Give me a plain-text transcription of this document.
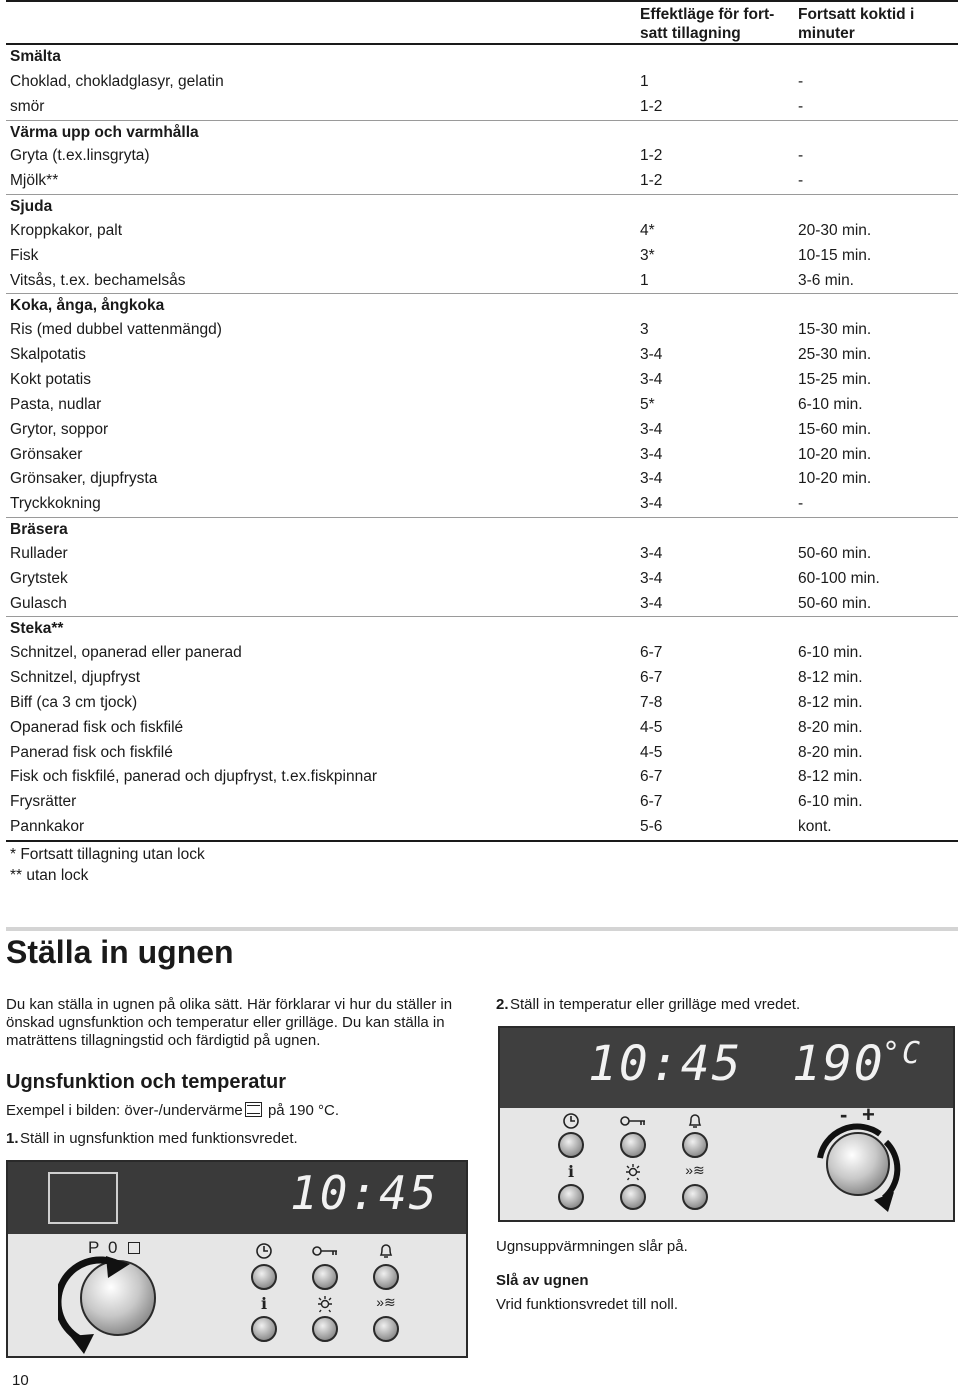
Effektläge för fort-
satt tillagning
Fortsatt koktid i
minuter
Smälta
Choklad, chokladglasyr, gelatin	1	-
smör	1-2	-
Värma upp och varmhålla
Gryta (t.ex.linsgryta)	1-2	-
Mjölk**	1-2	-
Sjuda
Kroppkakor, palt	4*	20-30 min.
Fisk	3*	10-15 min.
Vitsås, t.ex. bechamelsås	1	3-6 min.
Koka, ånga, ångkoka
Ris (med dubbel vattenmängd)	3	15-30 min.
Skalpotatis	3-4	25-30 min.
Kokt potatis	3-4	15-25 min.
Pasta, nudlar	5*	6-10 min.
Grytor, soppor	3-4	15-60 min.
Grönsaker	3-4	10-20 min.
Grönsaker, djupfrysta	3-4	10-20 min.
Tryckkokning	3-4	-
Bräsera
Rullader	3-4	50-60 min.
Grytstek	3-4	60-100 min.
Gulasch	3-4	50-60 min.
Steka**
Schnitzel, opanerad eller panerad	6-7	6-10 min.
Schnitzel, djupfryst	6-7	8-12 min.
Biff (ca 3 cm tjock)	7-8	8-12 min.
Opanerad fisk och fiskfilé	4-5	8-20 min.
Panerad fisk och fiskfilé	4-5	8-20 min.
Fisk och fiskfilé, panerad och djupfryst, t.ex.fiskpinnar	6-7	8-12 min.
Frysrätter	6-7	6-10 min.
Pannkakor	5-6	kont.
* Fortsatt tillagning utan lock
** utan lock
Ställa in ugnen
Du kan ställa in ugnen på olika sätt. Här förklarar vi hur du ställer in önskad ugnsfunktion och temperatur eller grilläge. Du kan ställa in maträttens tillagningstid och färdigtid på ugnen.
Ugnsfunktion och temperatur
Exempel i bilden: över-/undervärme på 190 °C.
1. Ställ in ugnsfunktion med funktionsvredet.
2. Ställ in temperatur eller grilläge med vredet.
10:45 190
°C
i	»≋
- +
Ugnsuppvärmningen slår på.
Slå av ugnen
Vrid funktionsvredet till noll.
10:45
P 0
i	»≋
10
